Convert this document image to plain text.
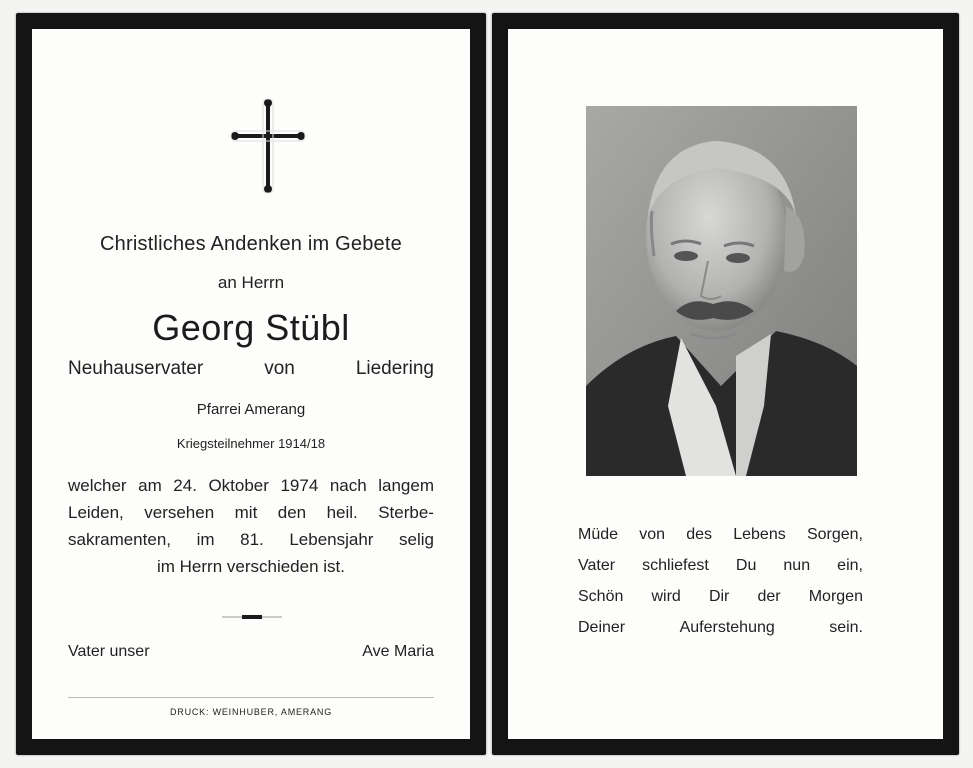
Christliches Andenken im Gebete
an Herrn
Georg Stübl
Neuhauservater	von	Liedering
Pfarrei Amerang
Kriegsteilnehmer 1914/18
welcher am 24. Oktober 1974 nach langem
Leiden, versehen mit den heil. Sterbe-
sakramenten, im 81. Lebensjahr selig
im Herrn verschieden ist.
Vater unser	Ave Maria
DRUCK: WEINHUBER, AMERANG
Müde von des Lebens Sorgen,
Vater schliefest Du nun ein,
Schön wird Dir der Morgen
Deiner	Auferstehung	sein.
